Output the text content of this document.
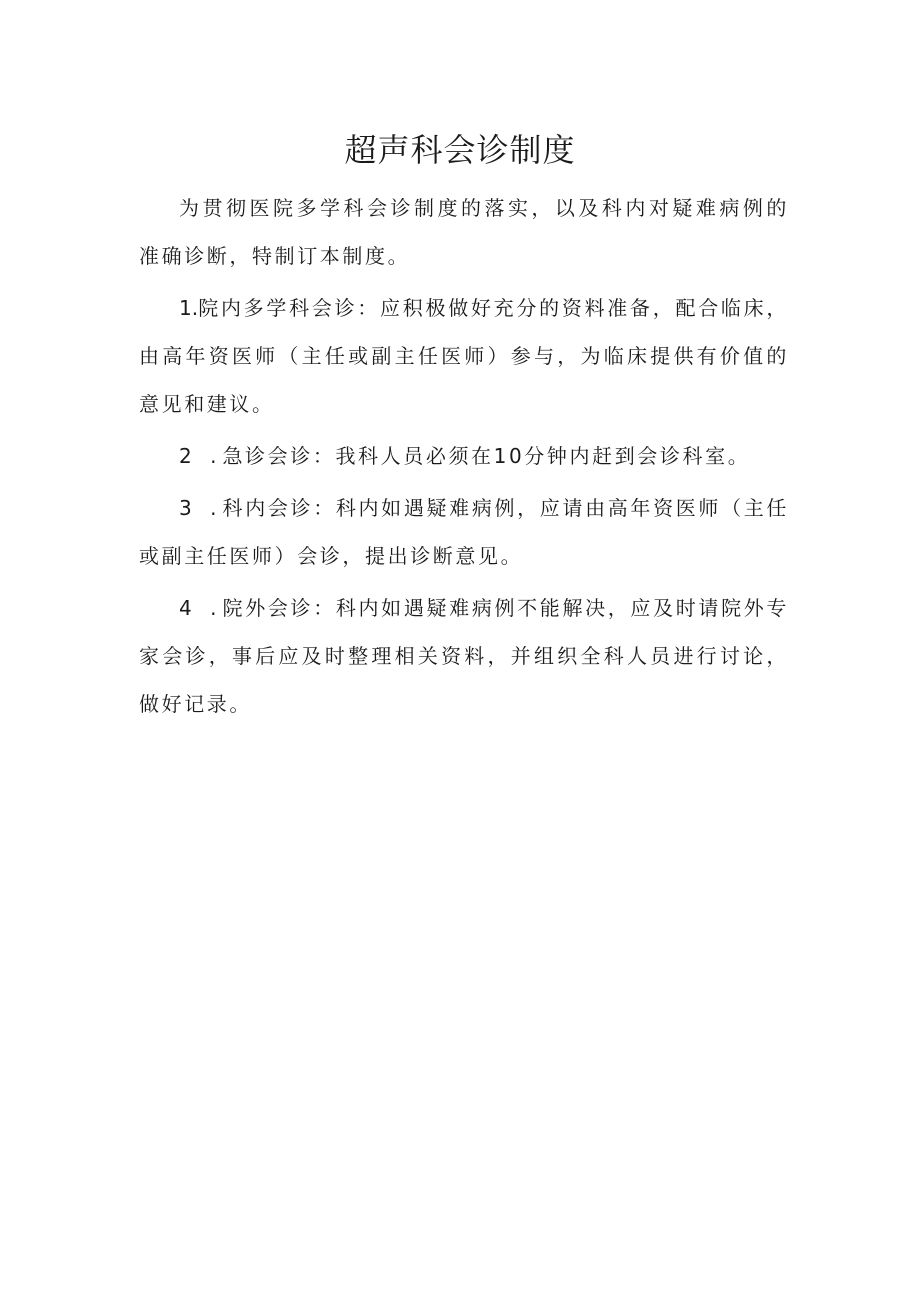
超声科会诊制度

为贯彻医院多学科会诊制度的落实，以及科内对疑难病例的准确诊断，特制订本制度。

1.院内多学科会诊：应积极做好充分的资料准备，配合临床，由高年资医师（主任或副主任医师）参与，为临床提供有价值的意见和建议。

2 .急诊会诊：我科人员必须在10分钟内赶到会诊科室。

3 .科内会诊：科内如遇疑难病例，应请由高年资医师（主任或副主任医师）会诊，提出诊断意见。

4 .院外会诊：科内如遇疑难病例不能解决，应及时请院外专家会诊，事后应及时整理相关资料，并组织全科人员进行讨论，做好记录。
